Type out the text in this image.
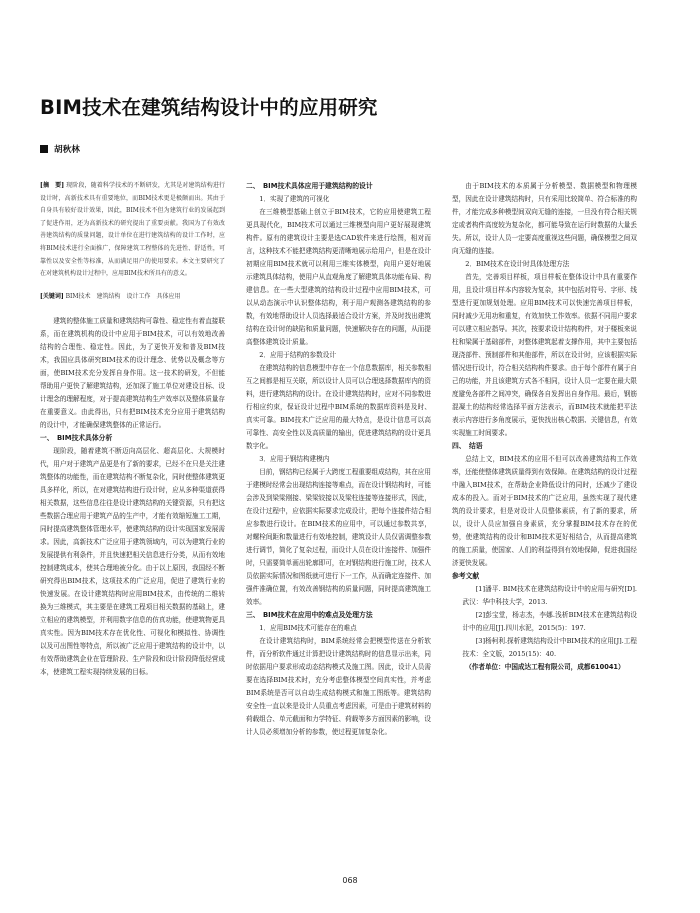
BIM技术在建筑结构设计中的应用研究
胡秋林

[摘　要] 现阶段，随着科学技术的不断研发，尤其是对建筑结构进行设计时，高新技术具有重要地位，而BIM技术更是极颇而出。其由于自身具有较好设计效果，因此，BIM技术不但为建筑行业的发展起到了促进作用，还为高新技术的研究提出了重要贡献。我国为了有效改善建筑结构的质量问题，设计单位在进行建筑结构的设计工作时，应将BIM技术进行全面推广，保障建筑工程整体的先进性、舒适性，可靠性以及安全性等标准，从而满足用户的使用要求。本文主要研究了在对建筑机构设计过程中，应用BIM技术所具有的意义。

[关键词] BIM技术　建筑结构　设计工作　具体应用

建筑的整体施工质量和建筑结构可靠性、稳定性有着直接联系，而在建筑机构的设计中应用于BIM技术，可以有效地改善结构的合理性、稳定性。因此，为了更快开发和普及BIM技术，我国应具体研究BIM技术的设计理念、优势以及概念等方面，使BIM技术充分发挥自身作用。这一技术的研发，不但能帮助用户更快了解建筑结构，还加深了施工单位对建设目标、设计理念的理解程度，对于提高建筑结构生产效率以及整体质量存在重要意义。由此得出，只有把BIM技术充分应用于建筑结构的设计中，才能确保建筑整体的正常运行。

一、　BIM技术具体分析

现阶段，随着建筑不断迈向高层化、超高层化、大规模时代，用户对于建筑产品更是有了新的要求，已经不在只是关注建筑整体的功能性，而在建筑结构不断复杂化，同时使整体建筑更具多样化，所以，在对建筑结构进行设计时，应从多种渠道获得相关数据，这些信息往往是设计建筑结构的关键资源，只有把这些数据合理应用于建筑产品的生产中，才能有效缩短施工工期，同时提高建筑整体管理水平，使建筑结构的设计实现国家发展需求。因此，高新技术广泛应用于建筑领域内，可以为建筑行业的发展提供有利条件，并且快速把相关信息进行分类，从而有效地控制建筑成本，使其合理地被分化。由于以上原因，我国经不断研究得出BIM技术，这项技术的广泛应用，促进了建筑行业的快速发展。在设计建筑结构时应用BIM技术，由传统的二维转换为三维模式，其主要是在建筑工程项目相关数据的基础上，建立相应的建筑模型，并利用数字信息的仿真功能，使建筑物更具真实性。因为BIM技术存在优化性、可视化和模拟性、协调性以及可出图性等特点，所以被广泛应用于建筑结构的设计中，以有效帮助建筑企业在管理阶段、生产阶段和设计阶段降低经营成本，使建筑工程实现持续发展的目标。

二、　BIM技术具体应用于建筑结构的设计

1．实现了建筑的可视化

在三维模型基础上创立于BIM技术，它的应用使建筑工程更具现代化，BIM技术可以通过三维模型向用户更好展现建筑构件。原有的建筑设计主要是选CAD软件来进行绘图，相对而言，这种技术不能把建筑结构更清晰地展示给用户，但是在设计初期应用BIM技术就可以利用三维实体模型，向用户更好地展示建筑具体结构，使用户从直观角度了解建筑具体功能布局、构建信息。在一些大型建筑的结构设计过程中应用BIM技术，可以从动态演示中认识整体结构，利于用户观测各建筑结构的参数，有效地帮助设计人员选择最适合设计方案，并及时找出建筑结构在设计时的缺陷和质量问题，快速解决存在的问题，从而提高整体建筑设计质量。

2．应用于结构的参数设计

在建筑结构的信息模型中存在一个信息数据库，相关参数相互之间都是相互关联，所以设计人员可以合理选择数据库内的资料，进行建筑结构的设计。在设计建筑结构时，应对不同参数进行相应约束，保证设计过程中BIM系统的数据库资料是及时、真实可靠。BIM技术广泛应用的最大特点，是设计信息可以高可靠性、高安全性以及高质量的输出，促进建筑结构的设计更具数字化。

3．应用于钢结构建模内

目前，钢结构已经属于大跨度工程重要组成结构，其在应用于建模时经常会出现结构连接等难点，而在设计钢结构时，可能会涉及到梁梁刚接、梁梁铰接以及梁柱连接等连接形式，因此，在设计过程中，应依据实际要求完成设计，把每个连接件结合相应参数进行设计。在BIM技术的应用中，可以通过参数共享，对螺栓间距和数量进行有效地控制，建筑设计人员仅需调整参数进行调节，简化了复杂过程，而设计人员在设计连接件、加强件时，只需要简单画出轮廓即可，在对钢结构进行施工时，技术人员依据实际情况和图纸就可进行下一工作，从而确定连接件、加强件准确位置，有效改善钢结构的质量问题，同时提高建筑施工效率。

三、　BIM技术在应用中的难点及处理方法

1．应用BIM技术可能存在的难点

在设计建筑结构时，BIM系统经常会把模型传送在分析软件，而分析软件通过计算把设计建筑结构时的信息显示出来，同时依据用户要求形成动态结构模式及施工图。因此，设计人员需要在选择BIM技术时，充分考虑整体模型空间真实性，并考虑BIM系统是否可以自动生成结构模式和施工图纸等。建筑结构安全性一直以来是设计人员重点考虑因素，可是由于建筑材料的荷载组合、单元截面和力学特征、荷载等多方面因素的影响，设计人员必须增加分析的参数，使过程更加复杂化。

由于BIM技术的本质属于分析模型、数据模型和物理模型，因此在设计建筑结构时，只有采用比较简单、符合标准的构件，才能完成多种模型间双向无缝的连接，一旦没有符合相关规定或者构件高度较为复杂化，都可能导致在运行时数据的大量丢失。所以，设计人员一定要高度重视这些问题，确保模型之间双向无缝的连接。

2．BIM技术在设计时具体处理方法

首先，完善项目样板，项目样板在整体设计中具有重要作用，且设计项目样本内容较为复杂，其中包括对符号、字形、线型进行更加规划处理。应用BIM技术可以快速完善项目样板，同时减少无用功和重复，有效加快工作效率。依据不同用户要求可以建立相应指导。其次，按要求设计结构构件，对于楼板来说柱和梁属于基础部件，对整体建筑起着支撑作用，其中主要包括现浇部件、预制部件和其他部件，所以在设计时，应该根据实际情况进行设计，符合相关结构构件要求。由于每个部件有属于自己的功能，并且该建筑方式各不相同，设计人员一定要在最大限度避免各部件之间冲突，确保各自发挥出自身作用。最后，钢筋混凝土的结构经常选择平面方法表示，而BIM技术就能把平法表示内容进行多角度展示，更快找出核心数据、关键信息，有效实现施工时间要求。

四、　结语

总结上文，BIM技术的应用不但可以改善建筑结构工作效率，还能使整体建筑质量得到有效保障。在建筑结构的设计过程中融入BIM技术，在帮助企业降低设计的同时，还减少了建设成本的投入。而对于BIM技术的广泛应用，虽然实现了现代建筑的设计要求，但是对设计人员整体素质，有了新的要求，所以，设计人员应加强自身素质，充分掌握BIM技术存在的优势，使建筑结构的设计和BIM技术更好相结合，从而提高建筑的施工质量，使国家、人们的利益得到有效地保障，促进我国经济更快发展。

参考文献

[1]潘平. BIM技术在建筑结构设计中的应用与研究[D].武汉：华中科技大学，2013.

[2]彭宝堂，杨志杰，李娜.浅析BIM技术在建筑结构设计中的应用[J].四川水泥，2015(5)：197.

[3]杨柯利.探析建筑结构设计中BIM技术的应用[J].工程技术：全文版，2015(15)：40.

（作者单位：中国成达工程有限公司，成都610041）

068
